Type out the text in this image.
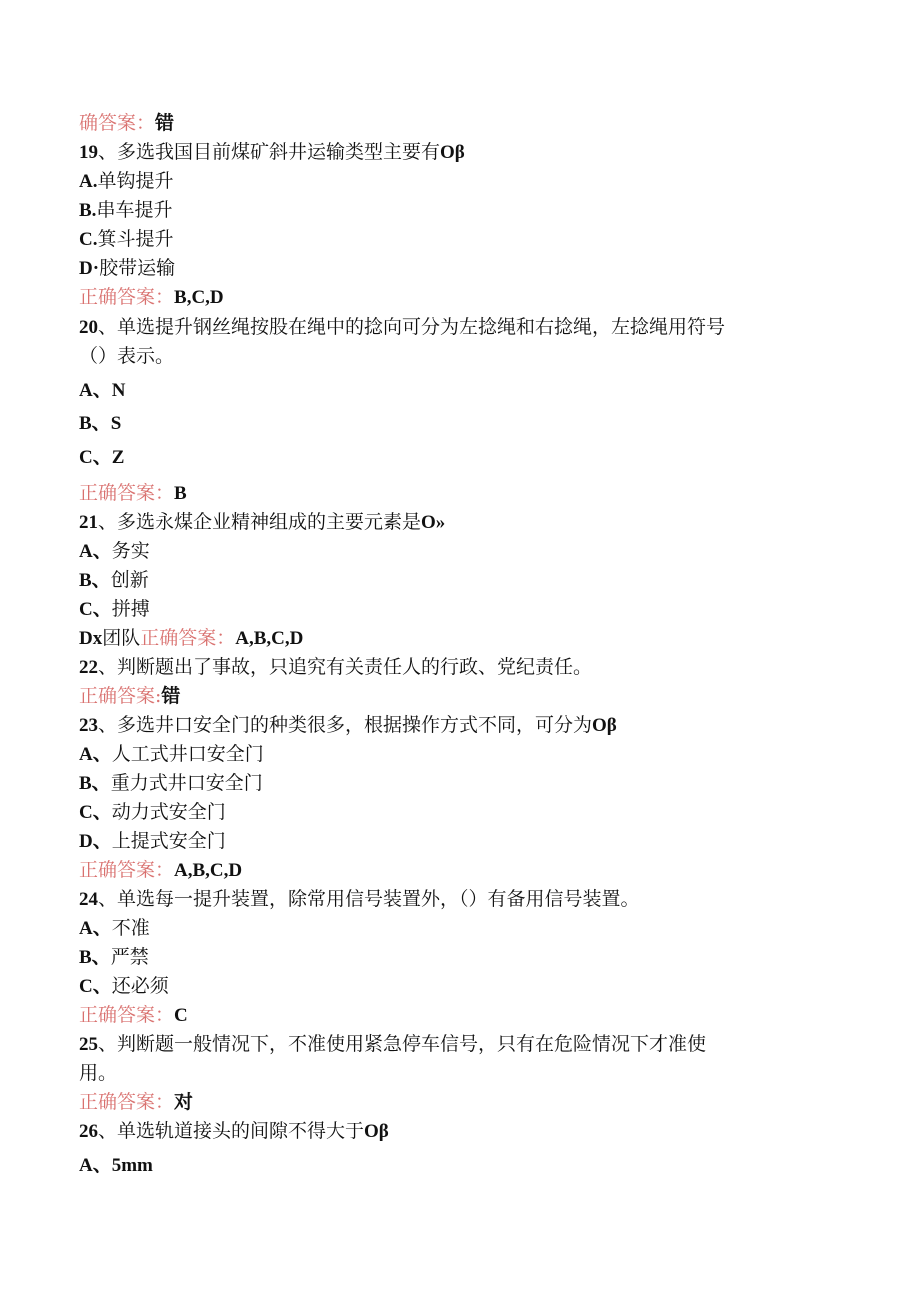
确答案：错
19、多选我国目前煤矿斜井运输类型主要有Oβ
A.单钩提升
B.串车提升
C.箕斗提升
D·胶带运输
正确答案：B,C,D
20、单选提升钢丝绳按股在绳中的捻向可分为左捻绳和右捻绳，左捻绳用符号
（）表示。
A、N
B、S
C、Z
正确答案：B
21、多选永煤企业精神组成的主要元素是O»
A、务实
B、创新
C、拼搏
Dx团队正确答案：A,B,C,D
22、判断题出了事故，只追究有关责任人的行政、党纪责任。
正确答案:错
23、多选井口安全门的种类很多，根据操作方式不同，可分为Oβ
A、人工式井口安全门
B、重力式井口安全门
C、动力式安全门
D、上提式安全门
正确答案：A,B,C,D
24、单选每一提升装置，除常用信号装置外，（）有备用信号装置。
A、不准
B、严禁
C、还必须
正确答案：C
25、判断题一般情况下，不准使用紧急停车信号，只有在危险情况下才准使
用。
正确答案：对
26、单选轨道接头的间隙不得大于Oβ
A、5mm
